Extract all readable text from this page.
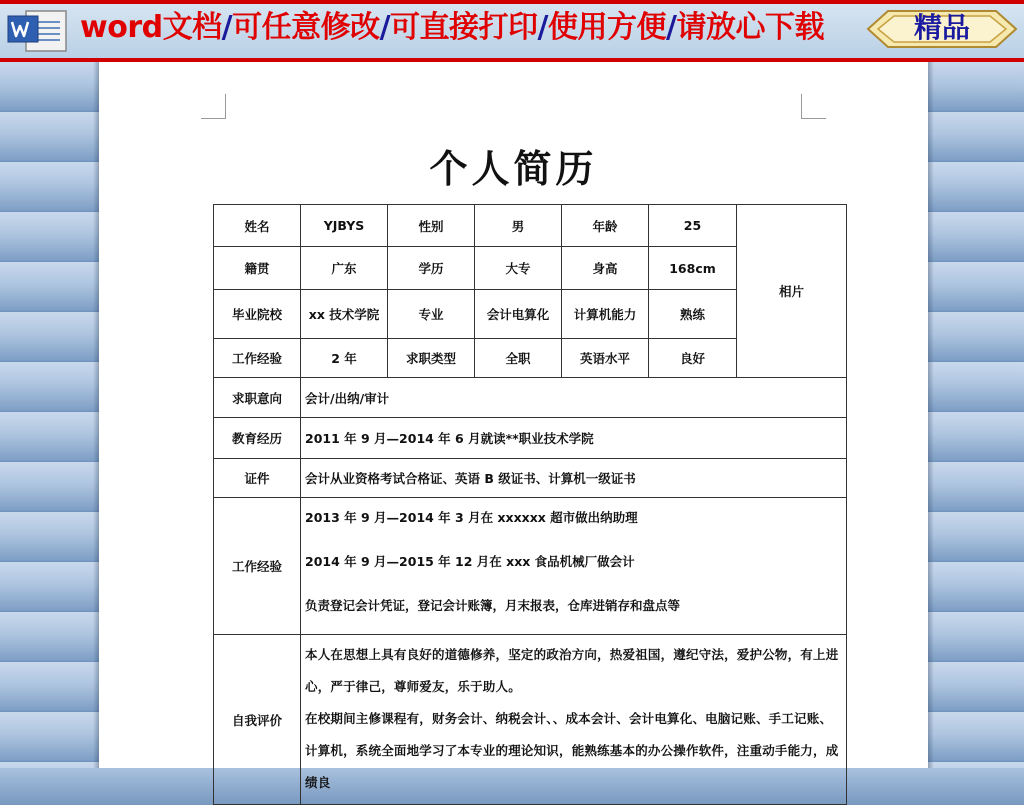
word文档/可任意修改/可直接打印/使用方便/请放心下载	精品
个人简历
姓名	YJBYS	性别	男	年龄	25	相片
籍贯	广东	学历	大专	身高	168cm	
毕业院校	xx 技术学院	专业	会计电算化	计算机能力	熟练	
工作经验	2 年	求职类型	全职	英语水平	良好	
求职意向	会计/出纳/审计					
教育经历	2011 年 9 月—2014 年 6 月就读**职业技术学院					
证件	会计从业资格考试合格证、英语 B 级证书、计算机一级证书					
工作经验	2013 年 9 月—2014 年 3 月在 xxxxxx 超市做出纳助理
2014 年 9 月—2015 年 12 月在 xxx 食品机械厂做会计
负责登记会计凭证，登记会计账簿，月末报表，仓库进销存和盘点等					

自我评价	本人在思想上具有良好的道德修养，坚定的政治方向，热爱祖国，遵纪守法，爱护公物，有上进心，严于律己，尊师爱友，乐于助人。
在校期间主修课程有，财务会计、纳税会计、、成本会计、会计电算化、电脑记账、手工记账、计算机，系统全面地学习了本专业的理论知识，能熟练基本的办公操作软件，注重动手能力，成绩良					
